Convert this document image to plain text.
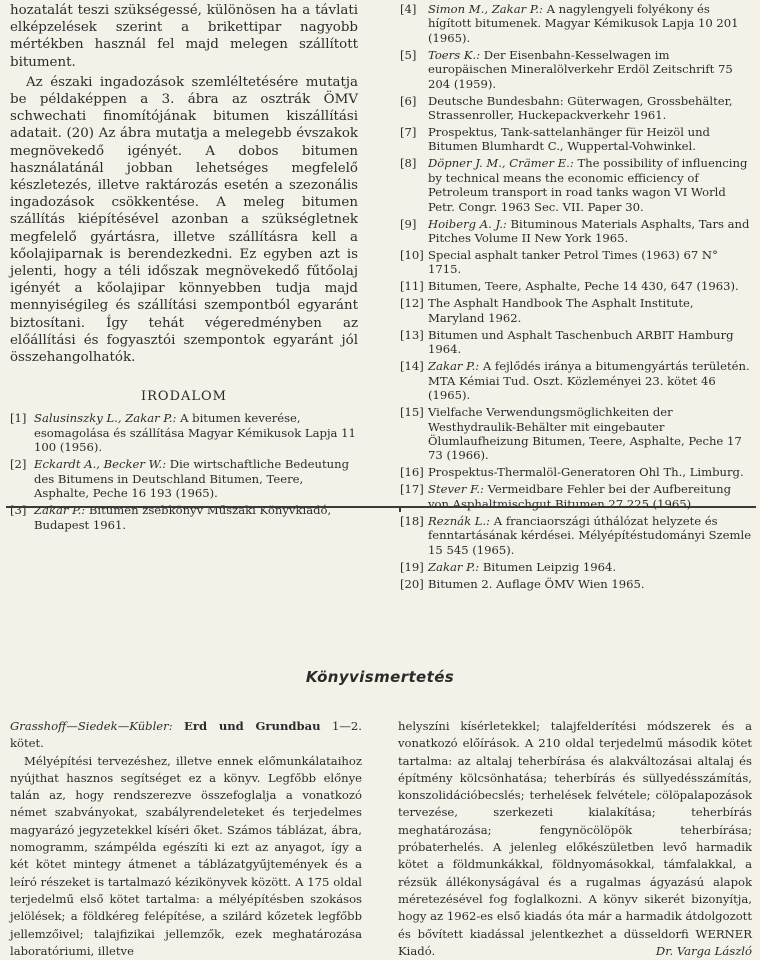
hozatalát teszi szükségessé, különösen ha a távlati elképzelések szerint a brikettipar nagyobb mértékben használ fel majd melegen szállított bitument.

Az északi ingadozások szemléltetésére mutatja be példaképpen a 3. ábra az osztrák ÖMV schwechati finomítójának bitumen kiszállítási adatait. (20) Az ábra mutatja a melegebb évszakok megnövekedő igényét. A dobos bitumen használatánál jobban lehetséges megfelelő készletezés, illetve raktározás esetén a szezonális ingadozások csökkentése. A meleg bitumen szállítás kiépítésével azonban a szükségletnek megfelelő gyártásra, illetve szállításra kell a kőolajiparnak is berendezkedni. Ez egyben azt is jelenti, hogy a téli időszak megnövekedő fűtőolaj igényét a kőolajipar könnyebben tudja majd mennyiségileg és szállítási szempontból egyaránt biztosítani. Így tehát végeredményben az előállítási és fogyasztói szempontok egyaránt jól összehangolhatók.

IRODALOM
[1] Salusinszky L., Zakar P.: A bitumen keverése, esomagolása és szállítása Magyar Kémikusok Lapja 11 100 (1956).
[2] Eckardt A., Becker W.: Die wirtschaftliche Bedeutung des Bitumens in Deutschland Bitumen, Teere, Asphalte, Peche 16 193 (1965).
[3] Zakar P.: Bitumen zsebkönyv Műszaki Könyvkiadó, Budapest 1961.
[4] Simon M., Zakar P.: A nagylengyeli folyékony és hígított bitumenek. Magyar Kémikusok Lapja 10 201 (1965).
[5] Toers K.: Der Eisenbahn-Kesselwagen im europäischen Mineralölverkehr Erdöl Zeitschrift 75 204 (1959).
[6] Deutsche Bundesbahn: Güterwagen, Grossbehälter, Strassenroller, Huckepackverkehr 1961.
[7] Prospektus, Tank-sattelanhänger für Heizöl und Bitumen Blumhardt C., Wuppertal-Vohwinkel.
[8] Döpner J. M., Crämer E.: The possibility of influencing by technical means the economic efficiency of Petroleum transport in road tanks wagon VI World Petr. Congr. 1963 Sec. VII. Paper 30.
[9] Hoiberg A. J.: Bituminous Materials Asphalts, Tars and Pitches Volume II New York 1965.
[10] Special asphalt tanker Petrol Times (1963) 67 N° 1715.
[11] Bitumen, Teere, Asphalte, Peche 14 430, 647 (1963).
[12] The Asphalt Handbook The Asphalt Institute, Maryland 1962.
[13] Bitumen und Asphalt Taschenbuch ARBIT Hamburg 1964.
[14] Zakar P.: A fejlődés iránya a bitumengyártás területén. MTA Kémiai Tud. Oszt. Közleményei 23. kötet 46 (1965).
[15] Vielfache Verwendungsmöglichkeiten der Westhydraulik-Behälter mit eingebauter Ölumlaufheizung Bitumen, Teere, Asphalte, Peche 17 73 (1966).
[16] Prospektus-Thermalöl-Generatoren Ohl Th., Limburg.
[17] Stever F.: Vermeidbare Fehler bei der Aufbereitung von Asphaltmischgut Bitumen 27 225 (1965).
[18] Reznák L.: A franciaországi úthálózat helyzete és fenntartásának kérdései. Mélyépítéstudományi Szemle 15 545 (1965).
[19] Zakar P.: Bitumen Leipzig 1964.
[20] Bitumen 2. Auflage ÖMV Wien 1965.
Könyvismertetés

Grasshoff—Siedek—Kübler: Erd und Grundbau 1—2. kötet.

Mélyépítési tervezéshez, illetve ennek előmunkálataihoz nyújthat hasznos segítséget ez a könyv. Legfőbb előnye talán az, hogy rendszerezve összefoglalja a vonatkozó német szabványokat, szabályrendeleteket és terjedelmes magyarázó jegyzetekkel kíséri őket. Számos táblázat, ábra, nomogramm, számpélda egészíti ki ezt az anyagot, így a két kötet mintegy átmenet a táblázatgyűjtemények és a leíró részeket is tartalmazó kézikönyvek között. A 175 oldal terjedelmű első kötet tartalma: a mélyépítésben szokásos jelölések; a földkéreg felépítése, a szilárd kőzetek legfőbb jellemzőivel; talajfizikai jellemzők, ezek meghatározása laboratóriumi, illetve

helyszíni kísérletekkel; talajfelderítési módszerek és a vonatkozó előírások. A 210 oldal terjedelmű második kötet tartalma: az altalaj teherbírása és alakváltozásai altalaj és építmény kölcsönhatása; teherbírás és süllyedésszámítás, konszolidációbecslés; terhelések felvétele; cölöpalapozások tervezése, szerkezeti kialakítása; teherbírás meghatározása; fengynöcölöpök teherbírása; próbaterhelés. A jelenleg előkészületben levő harmadik kötet a földmunkákkal, földnyomásokkal, támfalakkal, a rézsük állékonyságával és a rugalmas ágyazású alapok méretezésével fog foglalkozni. A könyv sikerét bizonyítja, hogy az 1962-es első kiadás óta már a harmadik átdolgozott és bővített kiadással jelentkezhet a düsseldorfi WERNER Kiadó.	Dr. Varga László
